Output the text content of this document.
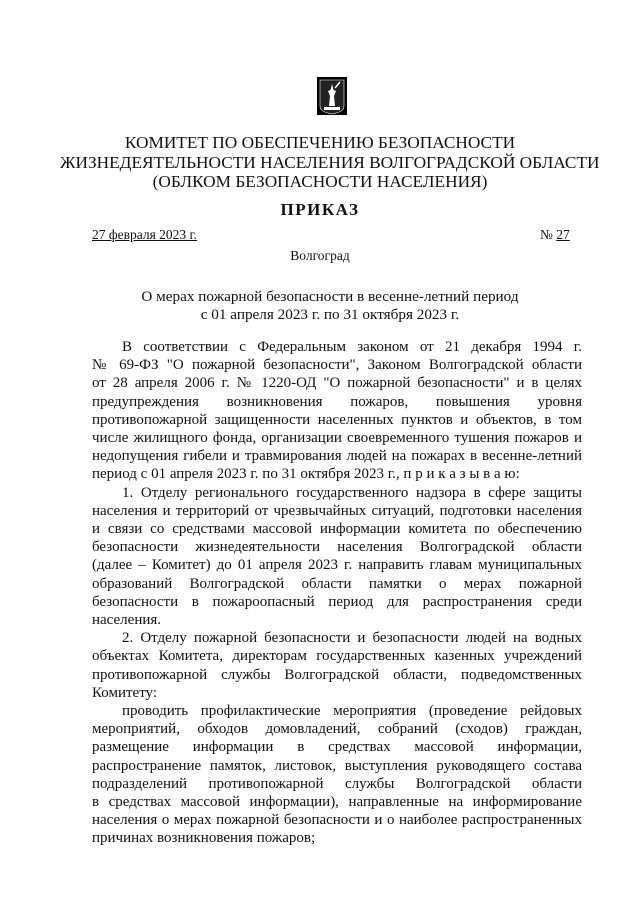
КОМИТЕТ ПО ОБЕСПЕЧЕНИЮ БЕЗОПАСНОСТИ
ЖИЗНЕДЕЯТЕЛЬНОСТИ НАСЕЛЕНИЯ ВОЛГОГРАДСКОЙ ОБЛАСТИ
(ОБЛКОМ БЕЗОПАСНОСТИ НАСЕЛЕНИЯ)
ПРИКАЗ
27 февраля 2023 г.	№ 27
Волгоград
О мерах пожарной безопасности в весенне-летний период
с 01 апреля 2023 г. по 31 октября 2023 г.
В соответствии с Федеральным законом от 21 декабря 1994 г.
№ 69-ФЗ "О пожарной безопасности", Законом Волгоградской области
от 28 апреля 2006 г. № 1220-ОД "О пожарной безопасности" и в целях
предупреждения возникновения пожаров, повышения уровня
противопожарной защищенности населенных пунктов и объектов, в том
числе жилищного фонда, организации своевременного тушения пожаров и
недопущения гибели и травмирования людей на пожарах в весенне-летний
период с 01 апреля 2023 г. по 31 октября 2023 г., п р и к а з ы в а ю:
1. Отделу регионального государственного надзора в сфере защиты
населения и территорий от чрезвычайных ситуаций, подготовки населения
и связи со средствами массовой информации комитета по обеспечению
безопасности жизнедеятельности населения Волгоградской области
(далее – Комитет) до 01 апреля 2023 г. направить главам муниципальных
образований Волгоградской области памятки о мерах пожарной
безопасности в пожароопасный период для распространения среди
населения.
2. Отделу пожарной безопасности и безопасности людей на водных
объектах Комитета, директорам государственных казенных учреждений
противопожарной службы Волгоградской области, подведомственных
Комитету:
проводить профилактические мероприятия (проведение рейдовых
мероприятий, обходов домовладений, собраний (сходов) граждан,
размещение информации в средствах массовой информации,
распространение памяток, листовок, выступления руководящего состава
подразделений противопожарной службы Волгоградской области
в средствах массовой информации), направленные на информирование
населения о мерах пожарной безопасности и о наиболее распространенных
причинах возникновения пожаров;
